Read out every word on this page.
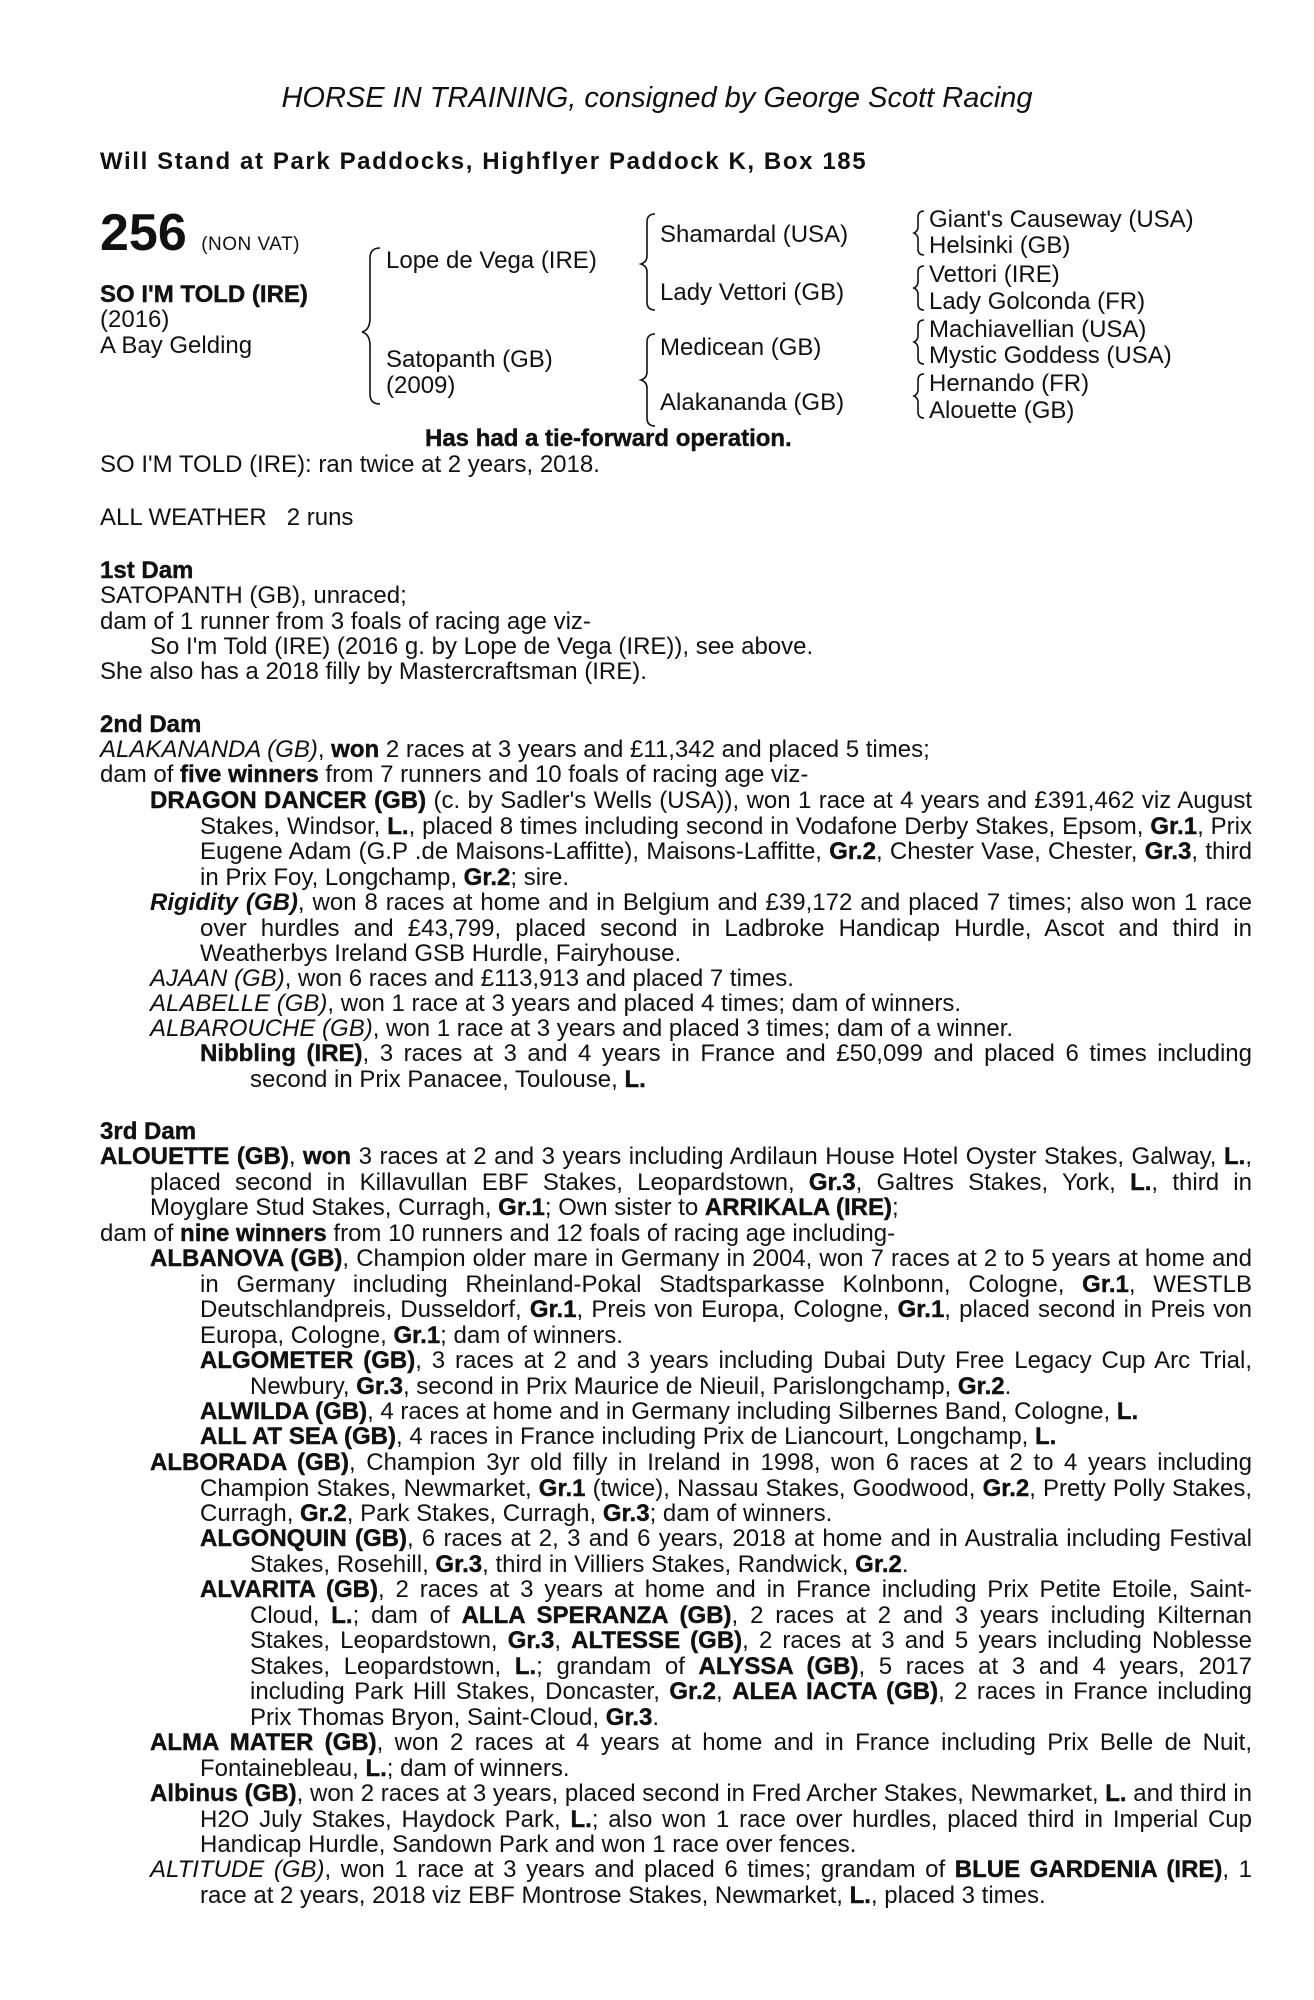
HORSE IN TRAINING, consigned by George Scott Racing
Will Stand at Park Paddocks, Highflyer Paddock K, Box 185
256 (NON VAT)
SO I'M TOLD (IRE)
(2016)
A Bay Gelding
Lope de Vega (IRE)
Satopanth (GB)
(2009)
Shamardal (USA)
Lady Vettori (GB)
Medicean (GB)
Alakananda (GB)
Giant's Causeway (USA)
Helsinki (GB)
Vettori (IRE)
Lady Golconda (FR)
Machiavellian (USA)
Mystic Goddess (USA)
Hernando (FR)
Alouette (GB)
Has had a tie-forward operation.
SO I'M TOLD (IRE): ran twice at 2 years, 2018.
ALL WEATHER 2 runs
1st Dam
SATOPANTH (GB), unraced;
dam of 1 runner from 3 foals of racing age viz-
So I'm Told (IRE) (2016 g. by Lope de Vega (IRE)), see above.
She also has a 2018 filly by Mastercraftsman (IRE).
2nd Dam
ALAKANANDA (GB), won 2 races at 3 years and £11,342 and placed 5 times;
dam of five winners from 7 runners and 10 foals of racing age viz-
DRAGON DANCER (GB) (c. by Sadler's Wells (USA)), won 1 race at 4 years and £391,462 viz August Stakes, Windsor, L., placed 8 times including second in Vodafone Derby Stakes, Epsom, Gr.1, Prix Eugene Adam (G.P .de Maisons-Laffitte), Maisons-Laffitte, Gr.2, Chester Vase, Chester, Gr.3, third in Prix Foy, Longchamp, Gr.2; sire.
Rigidity (GB), won 8 races at home and in Belgium and £39,172 and placed 7 times; also won 1 race over hurdles and £43,799, placed second in Ladbroke Handicap Hurdle, Ascot and third in Weatherbys Ireland GSB Hurdle, Fairyhouse.
AJAAN (GB), won 6 races and £113,913 and placed 7 times.
ALABELLE (GB), won 1 race at 3 years and placed 4 times; dam of winners.
ALBAROUCHE (GB), won 1 race at 3 years and placed 3 times; dam of a winner.
Nibbling (IRE), 3 races at 3 and 4 years in France and £50,099 and placed 6 times including second in Prix Panacee, Toulouse, L.
3rd Dam
ALOUETTE (GB), won 3 races at 2 and 3 years including Ardilaun House Hotel Oyster Stakes, Galway, L., placed second in Killavullan EBF Stakes, Leopardstown, Gr.3, Galtres Stakes, York, L., third in Moyglare Stud Stakes, Curragh, Gr.1; Own sister to ARRIKALA (IRE);
dam of nine winners from 10 runners and 12 foals of racing age including-
ALBANOVA (GB), Champion older mare in Germany in 2004, won 7 races at 2 to 5 years at home and in Germany including Rheinland-Pokal Stadtsparkasse Kolnbonn, Cologne, Gr.1, WESTLB Deutschlandpreis, Dusseldorf, Gr.1, Preis von Europa, Cologne, Gr.1, placed second in Preis von Europa, Cologne, Gr.1; dam of winners.
ALGOMETER (GB), 3 races at 2 and 3 years including Dubai Duty Free Legacy Cup Arc Trial, Newbury, Gr.3, second in Prix Maurice de Nieuil, Parislongchamp, Gr.2.
ALWILDA (GB), 4 races at home and in Germany including Silbernes Band, Cologne, L.
ALL AT SEA (GB), 4 races in France including Prix de Liancourt, Longchamp, L.
ALBORADA (GB), Champion 3yr old filly in Ireland in 1998, won 6 races at 2 to 4 years including Champion Stakes, Newmarket, Gr.1 (twice), Nassau Stakes, Goodwood, Gr.2, Pretty Polly Stakes, Curragh, Gr.2, Park Stakes, Curragh, Gr.3; dam of winners.
ALGONQUIN (GB), 6 races at 2, 3 and 6 years, 2018 at home and in Australia including Festival Stakes, Rosehill, Gr.3, third in Villiers Stakes, Randwick, Gr.2.
ALVARITA (GB), 2 races at 3 years at home and in France including Prix Petite Etoile, Saint-Cloud, L.; dam of ALLA SPERANZA (GB), 2 races at 2 and 3 years including Kilternan Stakes, Leopardstown, Gr.3, ALTESSE (GB), 2 races at 3 and 5 years including Noblesse Stakes, Leopardstown, L.; grandam of ALYSSA (GB), 5 races at 3 and 4 years, 2017 including Park Hill Stakes, Doncaster, Gr.2, ALEA IACTA (GB), 2 races in France including Prix Thomas Bryon, Saint-Cloud, Gr.3.
ALMA MATER (GB), won 2 races at 4 years at home and in France including Prix Belle de Nuit, Fontainebleau, L.; dam of winners.
Albinus (GB), won 2 races at 3 years, placed second in Fred Archer Stakes, Newmarket, L. and third in H2O July Stakes, Haydock Park, L.; also won 1 race over hurdles, placed third in Imperial Cup Handicap Hurdle, Sandown Park and won 1 race over fences.
ALTITUDE (GB), won 1 race at 3 years and placed 6 times; grandam of BLUE GARDENIA (IRE), 1 race at 2 years, 2018 viz EBF Montrose Stakes, Newmarket, L., placed 3 times.
